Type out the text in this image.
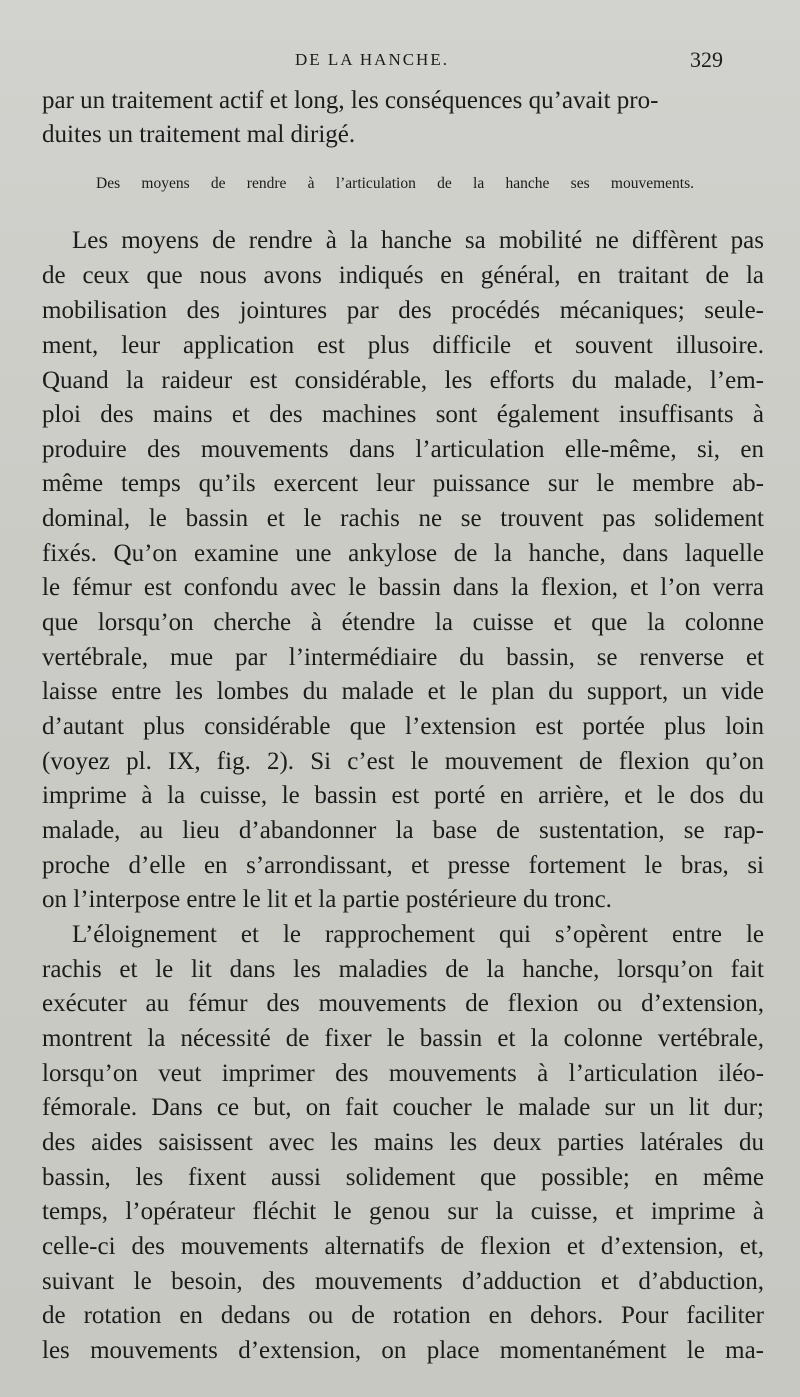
DE LA HANCHE.	329
par un traitement actif et long, les conséquences qu’avait pro-
duites un traitement mal dirigé.
Des moyens de rendre à l’articulation de la hanche ses mouvements.
Les moyens de rendre à la hanche sa mobilité ne diffèrent pas
de ceux que nous avons indiqués en général, en traitant de la
mobilisation des jointures par des procédés mécaniques; seule-
ment, leur application est plus difficile et souvent illusoire.
Quand la raideur est considérable, les efforts du malade, l’em-
ploi des mains et des machines sont également insuffisants à
produire des mouvements dans l’articulation elle-même, si, en
même temps qu’ils exercent leur puissance sur le membre ab-
dominal, le bassin et le rachis ne se trouvent pas solidement
fixés. Qu’on examine une ankylose de la hanche, dans laquelle
le fémur est confondu avec le bassin dans la flexion, et l’on verra
que lorsqu’on cherche à étendre la cuisse et que la colonne
vertébrale, mue par l’intermédiaire du bassin, se renverse et
laisse entre les lombes du malade et le plan du support, un vide
d’autant plus considérable que l’extension est portée plus loin
(voyez pl. IX, fig. 2). Si c’est le mouvement de flexion qu’on
imprime à la cuisse, le bassin est porté en arrière, et le dos du
malade, au lieu d’abandonner la base de sustentation, se rap-
proche d’elle en s’arrondissant, et presse fortement le bras, si
on l’interpose entre le lit et la partie postérieure du tronc.
L’éloignement et le rapprochement qui s’opèrent entre le
rachis et le lit dans les maladies de la hanche, lorsqu’on fait
exécuter au fémur des mouvements de flexion ou d’extension,
montrent la nécessité de fixer le bassin et la colonne vertébrale,
lorsqu’on veut imprimer des mouvements à l’articulation iléo-
fémorale. Dans ce but, on fait coucher le malade sur un lit dur;
des aides saisissent avec les mains les deux parties latérales du
bassin, les fixent aussi solidement que possible; en même
temps, l’opérateur fléchit le genou sur la cuisse, et imprime à
celle-ci des mouvements alternatifs de flexion et d’extension, et,
suivant le besoin, des mouvements d’adduction et d’abduction,
de rotation en dedans ou de rotation en dehors. Pour faciliter
les mouvements d’extension, on place momentanément le ma-
